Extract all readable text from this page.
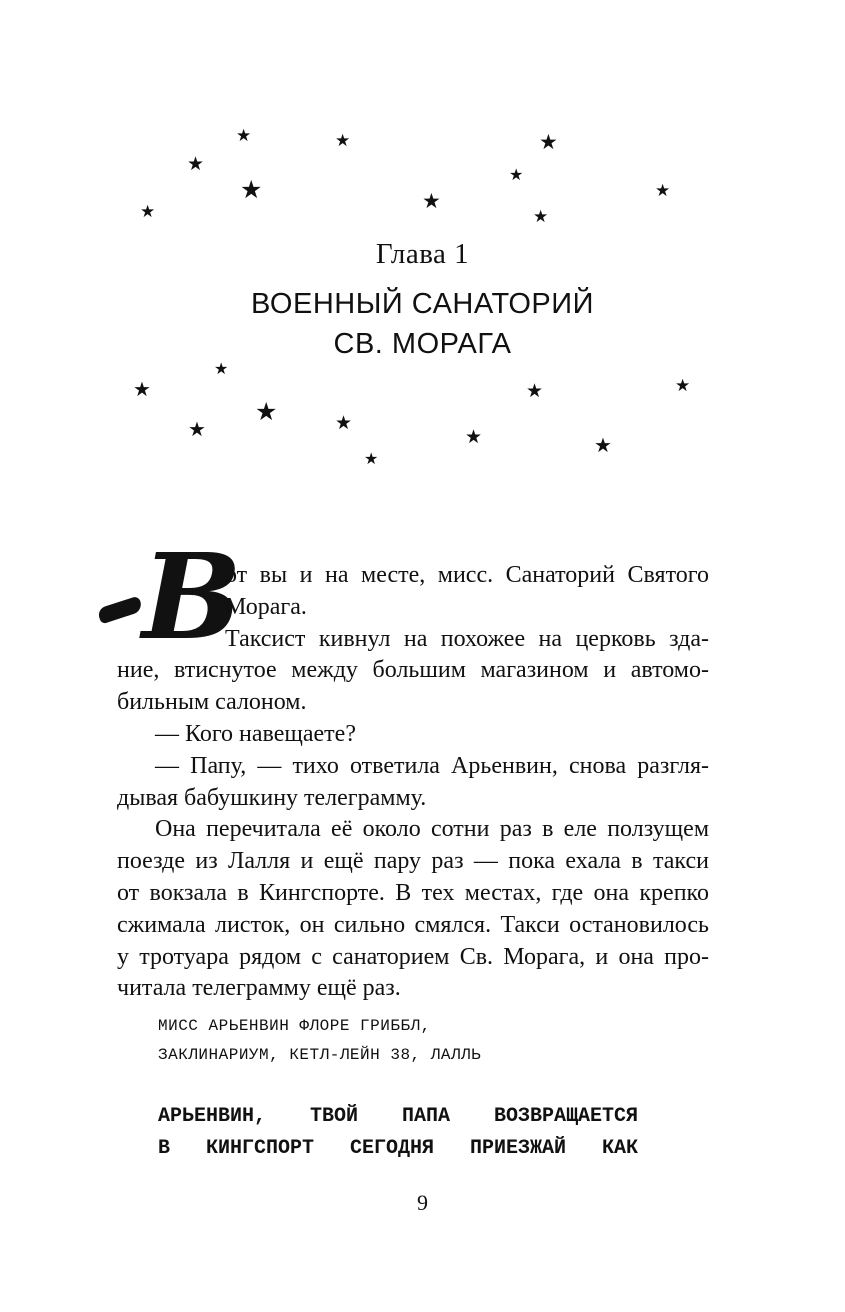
★
★
★
★
★
★
★
★
★
★
Глава 1
ВОЕННЫЙ САНАТОРИЙ
СВ. МОРАГА
★
★
★
★	★
★
★
★
★
★
В
от вы и на месте, мисс. Санаторий Святого
Морага.
Таксист кивнул на похожее на церковь зда-
ние, втиснутое между большим магазином и автомо-
бильным салоном.
— Кого навещаете?
— Папу, — тихо ответила Арьенвин, снова разгля-
дывая бабушкину телеграмму.
Она перечитала её около сотни раз в еле ползущем
поезде из Лалля и ещё пару раз — пока ехала в такси
от вокзала в Кингспорте. В тех местах, где она крепко
сжимала листок, он сильно смялся. Такси остановилось
у тротуара рядом с санаторием Св. Морага, и она про-
читала телеграмму ещё раз.
МИСС АРЬЕНВИН ФЛОРЕ ГРИББЛ,
ЗАКЛИНАРИУМ, КЕТЛ-ЛЕЙН 38, ЛАЛЛЬ
АРЬЕНВИН, ТВОЙ ПАПА ВОЗВРАЩАЕТСЯ
В КИНГСПОРТ СЕГОДНЯ ПРИЕЗЖАЙ КАК
9
